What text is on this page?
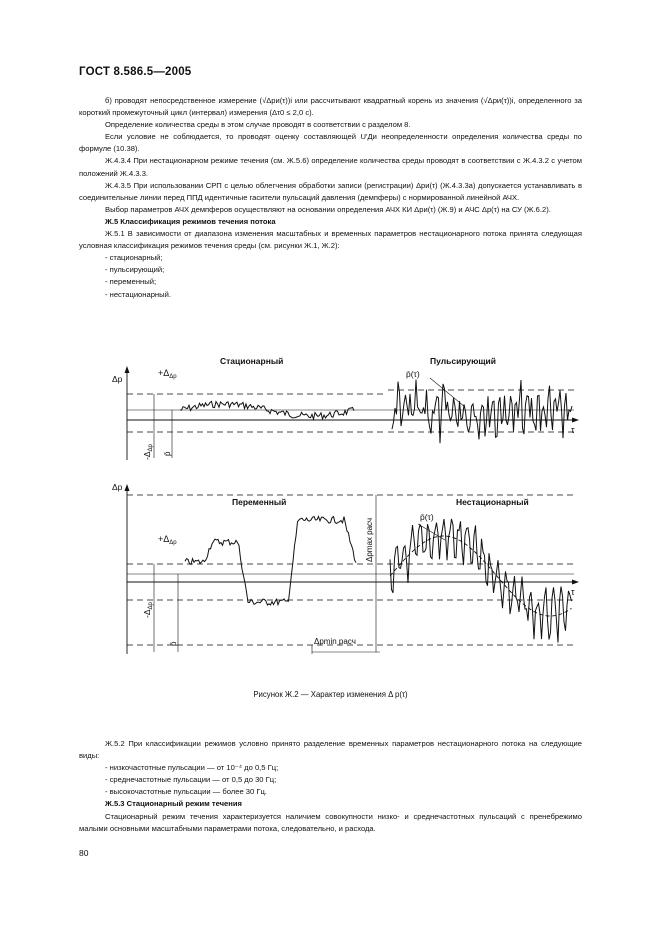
ГОСТ 8.586.5—2005

б) проводят непосредственное измерение (√Δpи(τ))i или рассчитывают квадратный корень из значения (√Δpи(τ))i, определенного за короткий промежуточный цикл (интервал) измерения (Δτ0 ≤ 2,0 с).

Определение количества среды в этом случае проводят в соответствии с разделом 8.

Если условие не соблюдается, то проводят оценку составляющей U′Ди неопределенности определения количества среды по формуле (10.38).

Ж.4.3.4 При нестационарном режиме течения (см. Ж.5.6) определение количества среды проводят в соответствии с Ж.4.3.2 с учетом положений Ж.4.3.3.

Ж.4.3.5 При использовании СРП с целью облегчения обработки записи (регистрации) Δpи(τ) (Ж.4.3.3а) допускается устанавливать в соединительные линии перед ППД идентичные гасители пульсаций давления (демпферы) с нормированной линейной АЧХ.

Выбор параметров АЧХ демпферов осуществляют на основании определения АЧХ КИ Δpи(τ) (Ж.9) и АЧС Δp(τ) на СУ (Ж.6.2).

Ж.5 Классификация режимов течения потока

Ж.5.1 В зависимости от диапазона изменения масштабных и временных параметров нестационарного потока принята следующая условная классификация режимов течения среды (см. рисунки Ж.1, Ж.2):

- стационарный;
- пульсирующий;
- переменный;
- нестационарный.
Стационарный	Пульсирующий
Переменный	Нестационарный
Δp
Δp
τ
τ
$+\Delta_{\Delta p}$
$+\Delta_{\Delta p}$
$-\Delta_{\Delta p}$
$-\Delta_{\Delta p}$
p̄
p̄
Δpmax расч
Δpmin расч
p̄(τ)
p̄(τ)
Рисунок Ж.2 — Характер изменения Δ p(τ)

Ж.5.2 При классификации режимов условно принято разделение временных параметров нестационарного потока на следующие виды:

- низкочастотные пульсации — от 10⁻⁴ до 0,5 Гц;
- среднечастотные пульсации — от 0,5 до 30 Гц;
- высокочастотные пульсации — более 30 Гц.

Ж.5.3 Стационарный режим течения

Стационарный режим течения характеризуется наличием совокупности низко- и среднечастотных пульсаций с пренебрежимо малыми основными масштабными параметрами потока, следовательно, и расхода.

80
